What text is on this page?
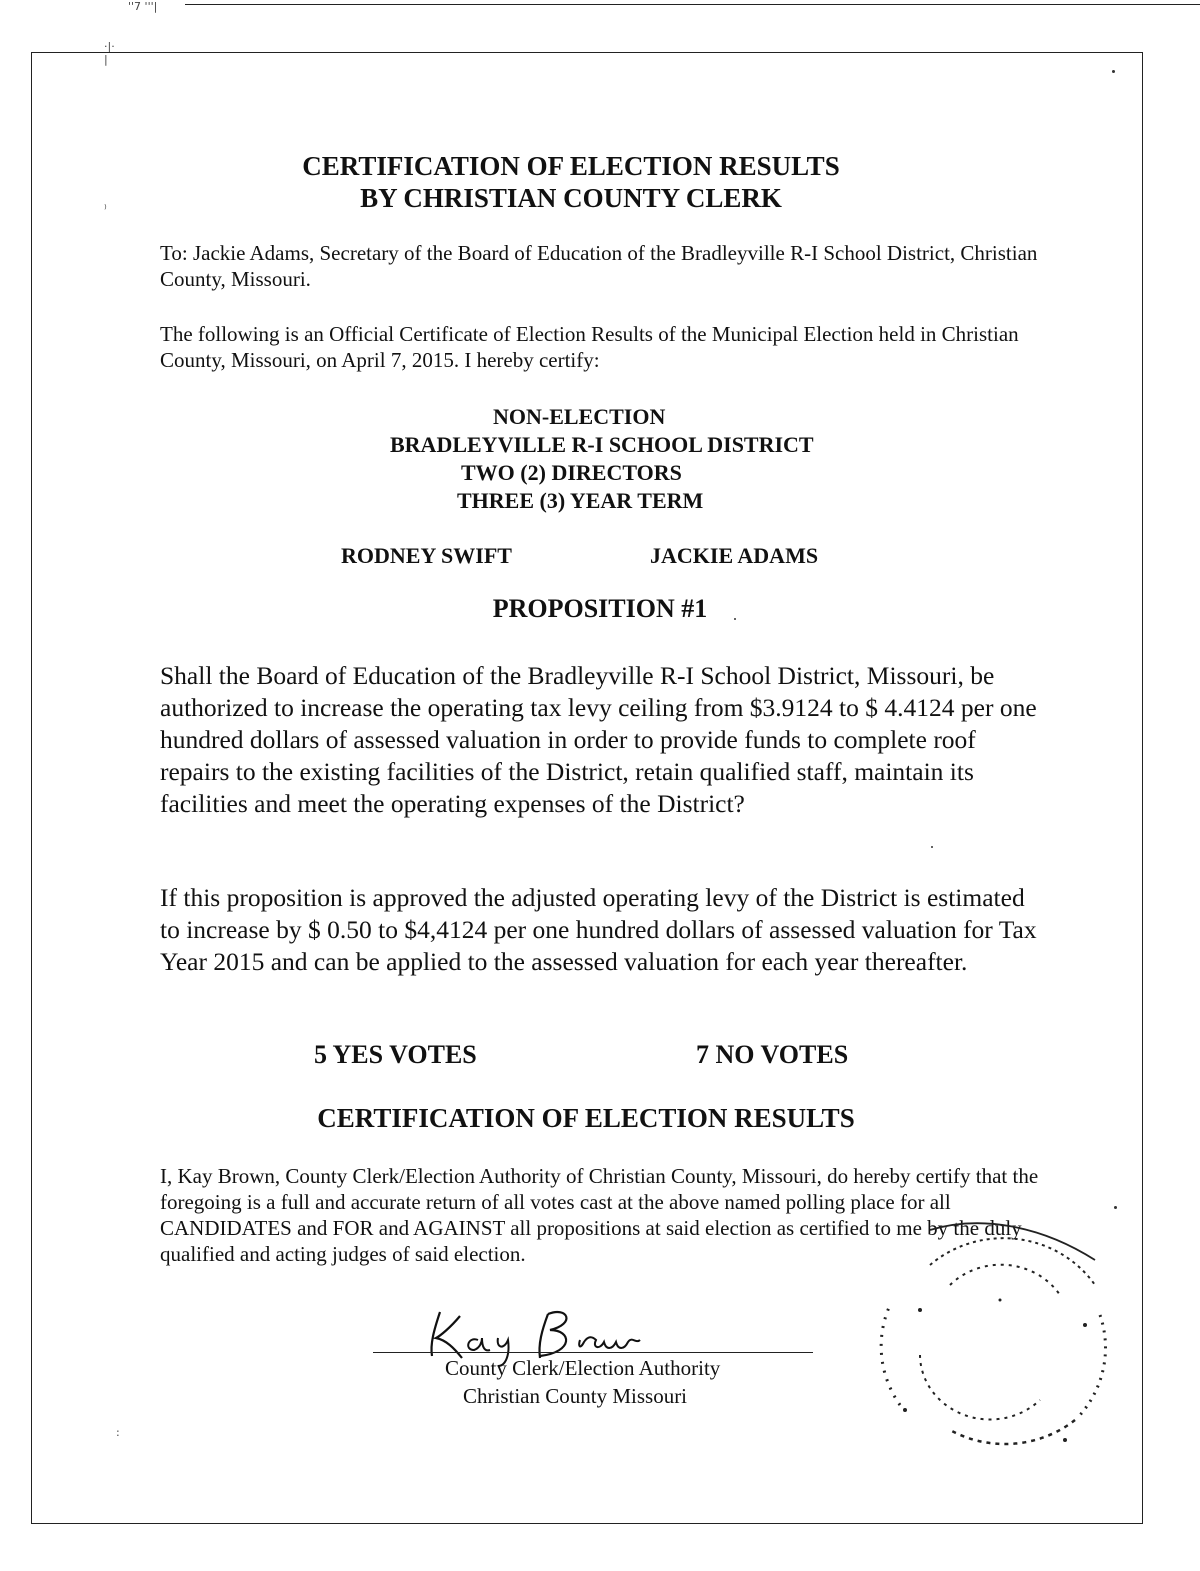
'ꞌ7 ꞌ'ꞌ|
·|·
|
⁾
:
CERTIFICATION OF ELECTION RESULTS
BY CHRISTIAN COUNTY CLERK

To: Jackie Adams, Secretary of the Board of Education of the Bradleyville R-I School District, Christian County, Missouri.

The following is an Official Certificate of Election Results of the Municipal Election held in Christian County, Missouri, on April 7, 2015. I hereby certify:

NON-ELECTION
BRADLEYVILLE R-I SCHOOL DISTRICT
TWO (2) DIRECTORS
THREE (3) YEAR TERM
RODNEY SWIFT	JACKIE ADAMS
PROPOSITION #1

Shall the Board of Education of the Bradleyville R-I School District, Missouri, be authorized to increase the operating tax levy ceiling from $3.9124 to $ 4.4124 per one hundred dollars of assessed valuation in order to provide funds to complete roof repairs to the existing facilities of the District, retain qualified staff, maintain its facilities and meet the operating expenses of the District?

If this proposition is approved the adjusted operating levy of the District is estimated to increase by $ 0.50 to $4,4124 per one hundred dollars of assessed valuation for Tax Year 2015 and can be applied to the assessed valuation for each year thereafter.

5 YES VOTES	7 NO VOTES
CERTIFICATION OF ELECTION RESULTS

I, Kay Brown, County Clerk/Election Authority of Christian County, Missouri, do hereby certify that the foregoing is a full and accurate return of all votes cast at the above named polling place for all CANDIDATES and FOR and AGAINST all propositions at said election as certified to me by the duly qualified and acting judges of said election.

County Clerk/Election Authority
Christian County Missouri
